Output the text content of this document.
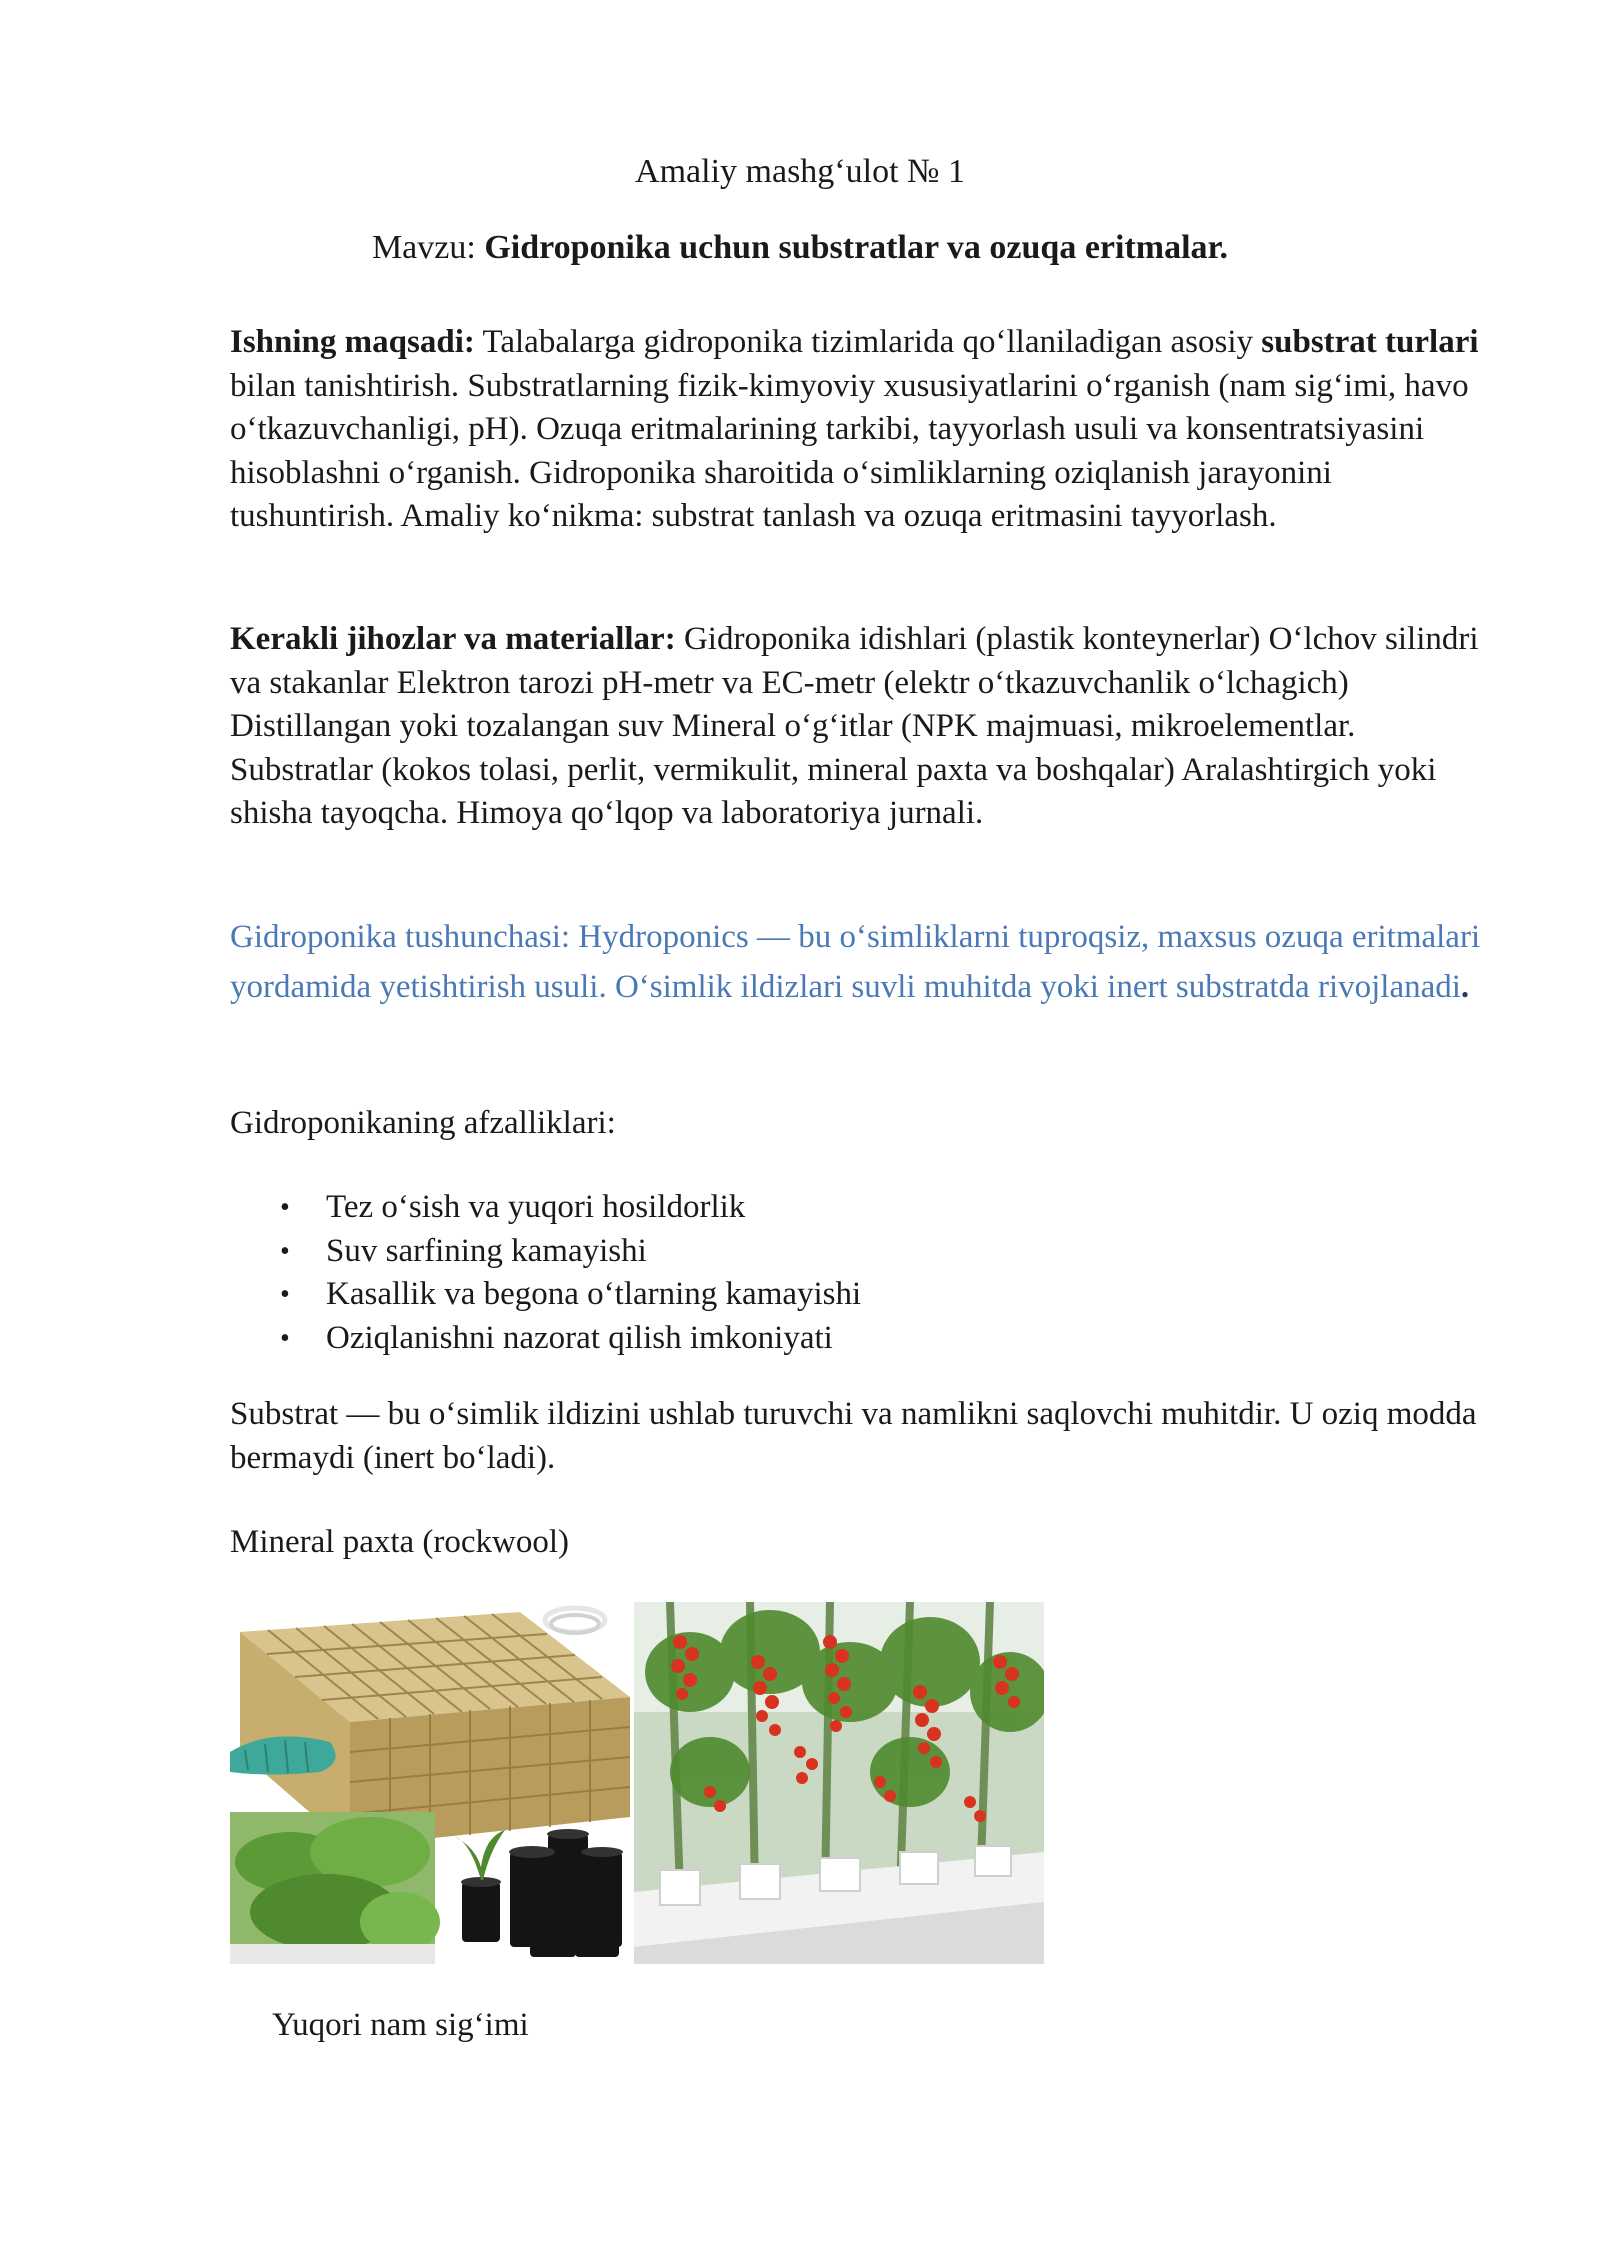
Amaliy mashg‘ulot № 1
Mavzu: Gidroponika uchun substratlar va ozuqa eritmalar.
Ishning maqsadi: Talabalarga gidroponika tizimlarida qo‘llaniladigan asosiy substrat turlari bilan tanishtirish. Substratlarning fizik-kimyoviy xususiyatlarini o‘rganish (nam sig‘imi, havo o‘tkazuvchanligi, pH). Ozuqa eritmalarining tarkibi, tayyorlash usuli va konsentratsiyasini hisoblashni o‘rganish. Gidroponika sharoitida o‘simliklarning oziqlanish jarayonini tushuntirish. Amaliy ko‘nikma: substrat tanlash va ozuqa eritmasini tayyorlash.
Kerakli jihozlar va materiallar: Gidroponika idishlari (plastik konteynerlar) O‘lchov silindri va stakanlar Elektron tarozi pH-metr va EC-metr (elektr o‘tkazuvchanlik o‘lchagich) Distillangan yoki tozalangan suv Mineral o‘g‘itlar (NPK majmuasi, mikroelementlar. Substratlar (kokos tolasi, perlit, vermikulit, mineral paxta va boshqalar) Aralashtirgich yoki shisha tayoqcha. Himoya qo‘lqop va laboratoriya jurnali.
Gidroponika tushunchasi: Hydroponics — bu o‘simliklarni tuproqsiz, maxsus ozuqa eritmalari yordamida yetishtirish usuli. O‘simlik ildizlari suvli muhitda yoki inert substratda rivojlanadi.
Gidroponikaning afzalliklari:
• Tez o‘sish va yuqori hosildorlik
• Suv sarfining kamayishi
• Kasallik va begona o‘tlarning kamayishi
• Oziqlanishni nazorat qilish imkoniyati
Substrat — bu o‘simlik ildizini ushlab turuvchi va namlikni saqlovchi muhitdir. U oziq modda bermaydi (inert bo‘ladi).
Mineral paxta (rockwool)
Yuqori nam sig‘imi
